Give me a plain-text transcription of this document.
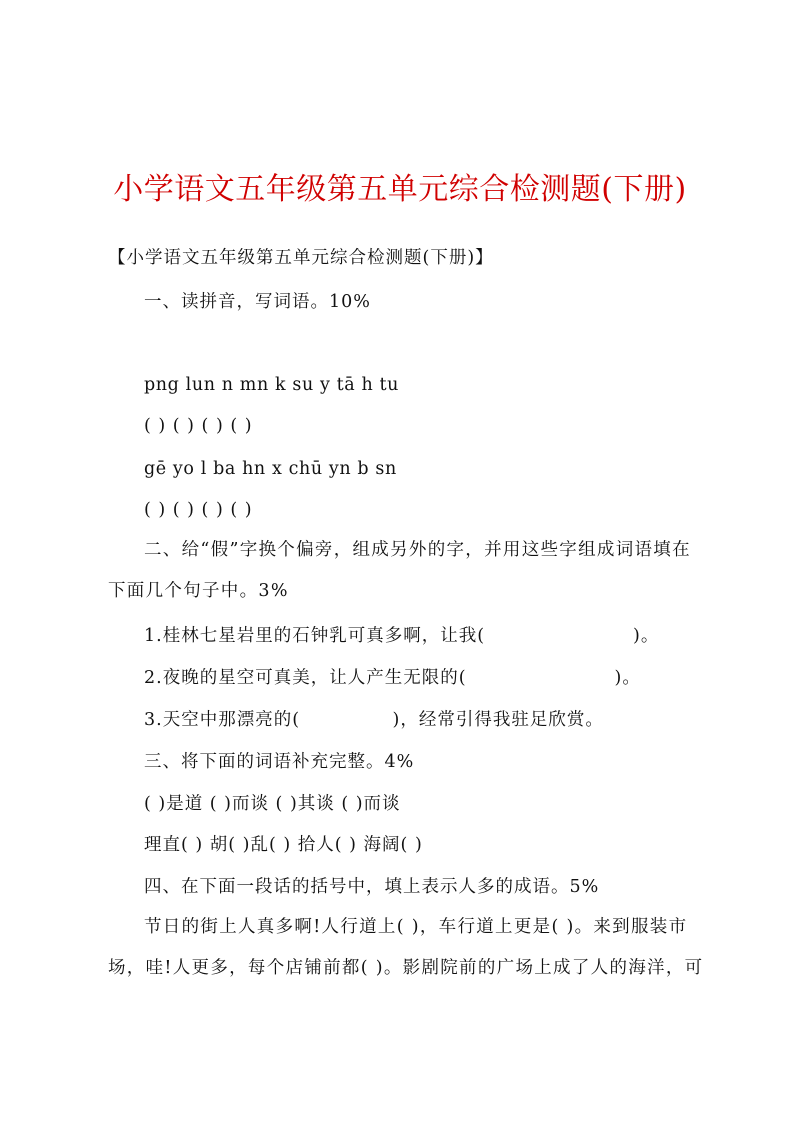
小学语文五年级第五单元综合检测题(下册)
【小学语文五年级第五单元综合检测题(下册)】
一、读拼音，写词语。10%
png lun n mn k su y tā h tu
( ) ( ) ( ) ( )
gē yo l ba hn x chū yn b sn
( ) ( ) ( ) ( )
二、给“假”字换个偏旁，组成另外的字，并用这些字组成词语填在下面几个句子中。3%
1.桂林七星岩里的石钟乳可真多啊，让我(　　　　　　　　)。
2.夜晚的星空可真美，让人产生无限的(　　　　　　　　)。
3.天空中那漂亮的(　　　　　)，经常引得我驻足欣赏。
三、将下面的词语补充完整。4%
( )是道 ( )而谈 ( )其谈 ( )而谈
理直( ) 胡( )乱( ) 拾人( ) 海阔( )
四、在下面一段话的括号中，填上表示人多的成语。5%
节日的街上人真多啊!人行道上( )，车行道上更是( )。来到服装市场，哇!人更多，每个店铺前都( )。影剧院前的广场上成了人的海洋，可
